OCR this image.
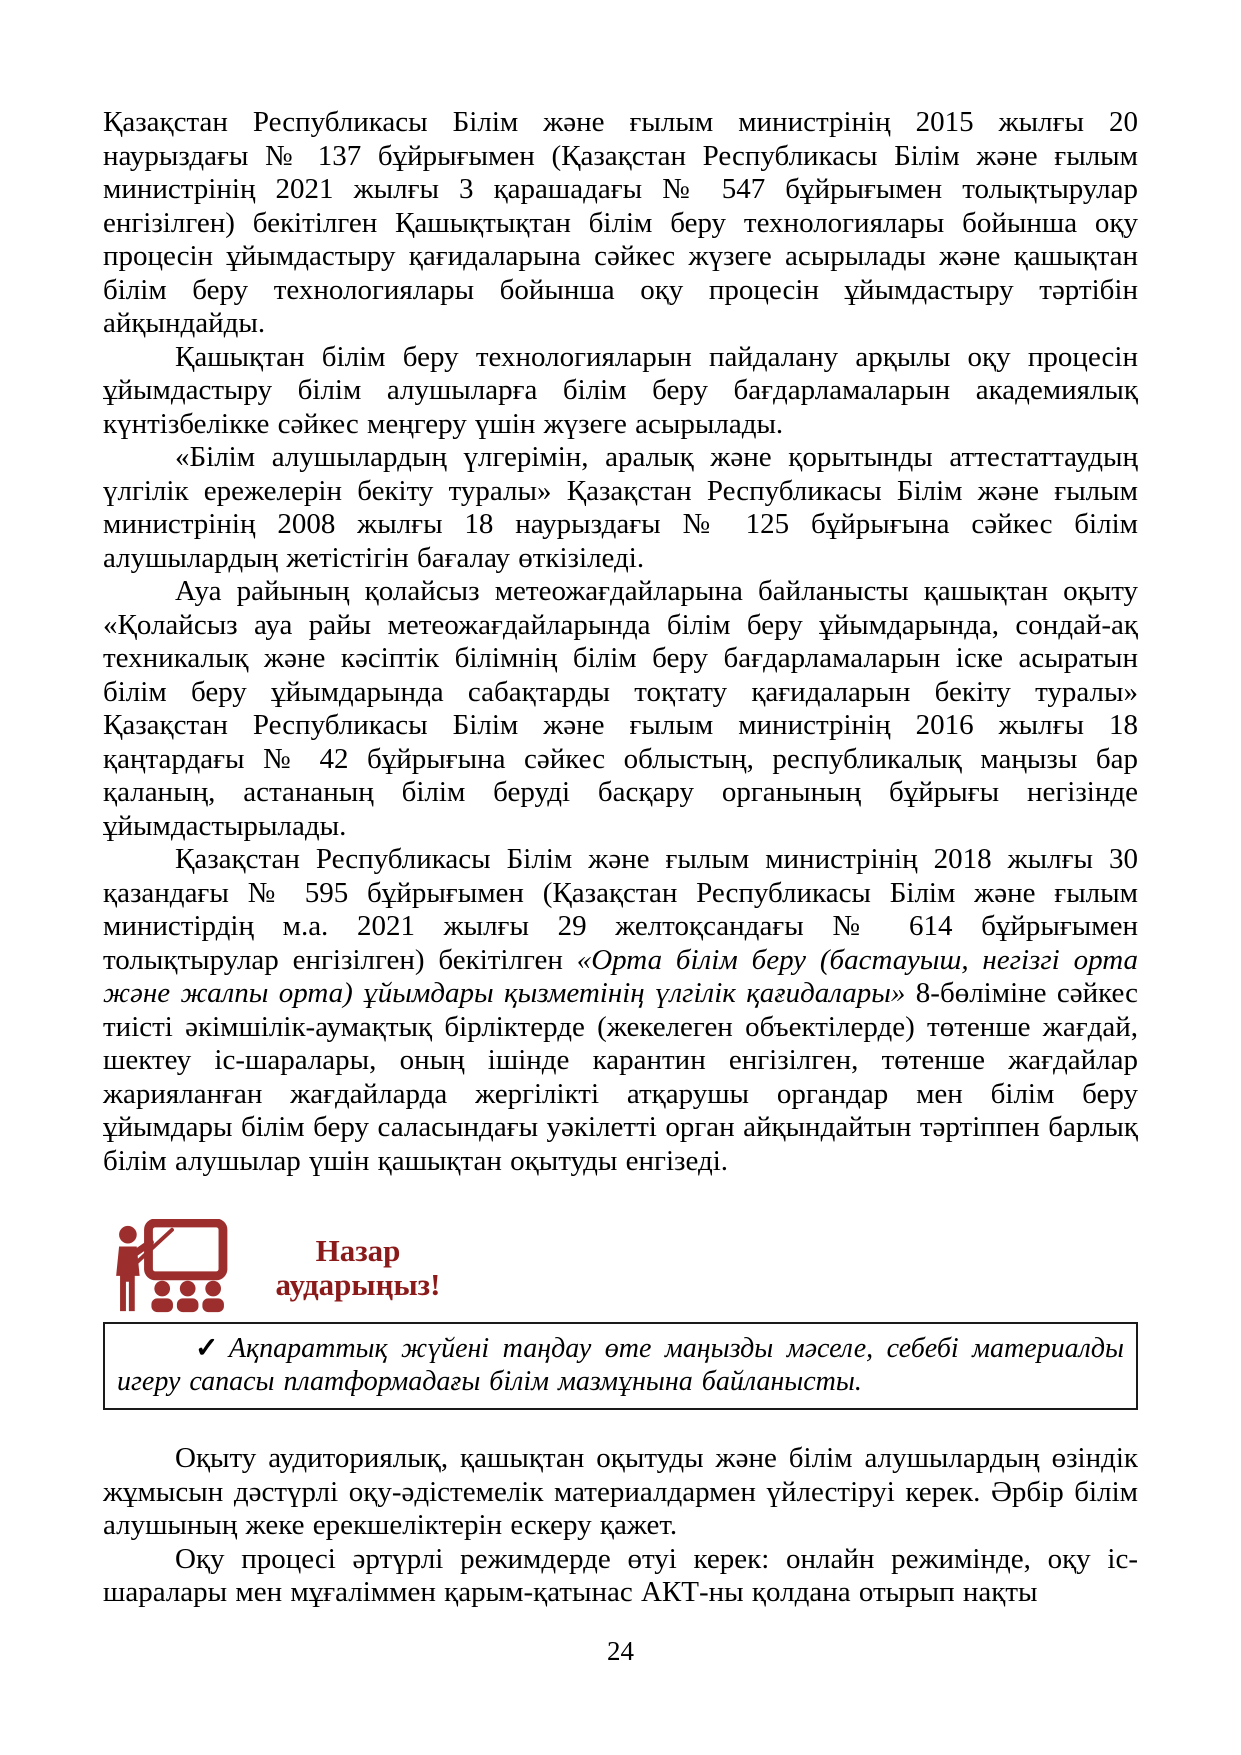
Қазақстан Республикасы Білім және ғылым министрінің 2015 жылғы 20 наурыздағы № 137 бұйрығымен (Қазақстан Республикасы Білім және ғылым министрінің 2021 жылғы 3 қарашадағы № 547 бұйрығымен толықтырулар енгізілген) бекітілген Қашықтықтан білім беру технологиялары бойынша оқу процесін ұйымдастыру қағидаларына сәйкес жүзеге асырылады және қашықтан білім беру технологиялары бойынша оқу процесін ұйымдастыру тәртібін айқындайды.

Қашықтан білім беру технологияларын пайдалану арқылы оқу процесін ұйымдастыру білім алушыларға білім беру бағдарламаларын академиялық күнтізбелікке сәйкес меңгеру үшін жүзеге асырылады.

«Білім алушылардың үлгерімін, аралық және қорытынды аттестаттаудың үлгілік ережелерін бекіту туралы» Қазақстан Республикасы Білім және ғылым министрінің 2008 жылғы 18 наурыздағы № 125 бұйрығына сәйкес білім алушылардың жетістігін бағалау өткізіледі.

Ауа райының қолайсыз метеожағдайларына байланысты қашықтан оқыту «Қолайсыз ауа райы метеожағдайларында білім беру ұйымдарында, сондай-ақ техникалық және кәсіптік білімнің білім беру бағдарламаларын іске асыратын білім беру ұйымдарында сабақтарды тоқтату қағидаларын бекіту туралы» Қазақстан Республикасы Білім және ғылым министрінің 2016 жылғы 18 қаңтардағы № 42 бұйрығына сәйкес облыстың, республикалық маңызы бар қаланың, астананың білім беруді басқару органының бұйрығы негізінде ұйымдастырылады.

Қазақстан Республикасы Білім және ғылым министрінің 2018 жылғы 30 қазандағы № 595 бұйрығымен (Қазақстан Республикасы Білім және ғылым министірдің м.а. 2021 жылғы 29 желтоқсандағы № 614 бұйрығымен толықтырулар енгізілген) бекітілген «Орта білім беру (бастауыш, негізгі орта және жалпы орта) ұйымдары қызметінің үлгілік қағидалары» 8-бөліміне сәйкес тиісті әкімшілік-аумақтық бірліктерде (жекелеген объектілерде) төтенше жағдай, шектеу іс-шаралары, оның ішінде карантин енгізілген, төтенше жағдайлар жарияланған жағдайларда жергілікті атқарушы органдар мен білім беру ұйымдары білім беру саласындағы уәкілетті орган айқындайтын тәртіппен барлық білім алушылар үшін қашықтан оқытуды енгізеді.

Назар
аударыңыз!

✓ Ақпараттық жүйені таңдау өте маңызды мәселе, себебі материалды игеру сапасы платформадағы білім мазмұнына байланысты.

Оқыту аудиториялық, қашықтан оқытуды және білім алушылардың өзіндік жұмысын дәстүрлі оқу-әдістемелік материалдармен үйлестіруі керек. Әрбір білім алушының жеке ерекшеліктерін ескеру қажет.

Оқу процесі әртүрлі режимдерде өтуі керек: онлайн режимінде, оқу іс-шаралары мен мұғаліммен қарым-қатынас АКТ-ны қолдана отырып нақты

24
